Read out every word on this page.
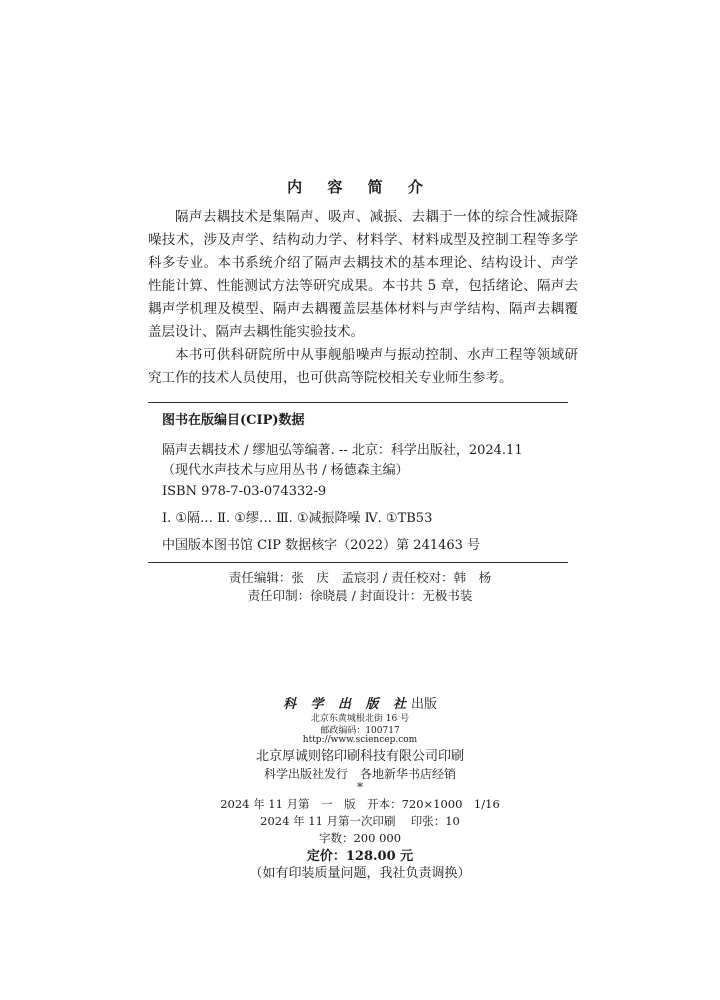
内 容 简 介

隔声去耦技术是集隔声、吸声、减振、去耦于一体的综合性减振降噪技术，涉及声学、结构动力学、材料学、材料成型及控制工程等多学科多专业。本书系统介绍了隔声去耦技术的基本理论、结构设计、声学性能计算、性能测试方法等研究成果。本书共 5 章，包括绪论、隔声去耦声学机理及模型、隔声去耦覆盖层基体材料与声学结构、隔声去耦覆盖层设计、隔声去耦性能实验技术。

本书可供科研院所中从事舰船噪声与振动控制、水声工程等领域研究工作的技术人员使用，也可供高等院校相关专业师生参考。

图书在版编目(CIP)数据
隔声去耦技术 / 缪旭弘等编著. -- 北京：科学出版社，2024.11
（现代水声技术与应用丛书 / 杨德森主编）
ISBN 978-7-03-074332-9
Ⅰ. ①隔… Ⅱ. ①缪… Ⅲ. ①减振降噪 Ⅳ. ①TB53
中国版本图书馆 CIP 数据核字（2022）第 241463 号
责任编辑：张　庆　孟宸羽 / 责任校对：韩　杨
责任印制：徐晓晨 / 封面设计：无极书装
科 学 出 版 社出版
北京东黄城根北街 16 号
邮政编码：100717
http://www.sciencep.com
北京厚诚则铭印刷科技有限公司印刷
科学出版社发行　各地新华书店经销
*
2024 年 11 月第　一　版　开本：720×1000　1/16
2024 年 11 月第一次印刷　 印张：10
字数：200 000
定价：128.00 元
（如有印装质量问题，我社负责调换）
